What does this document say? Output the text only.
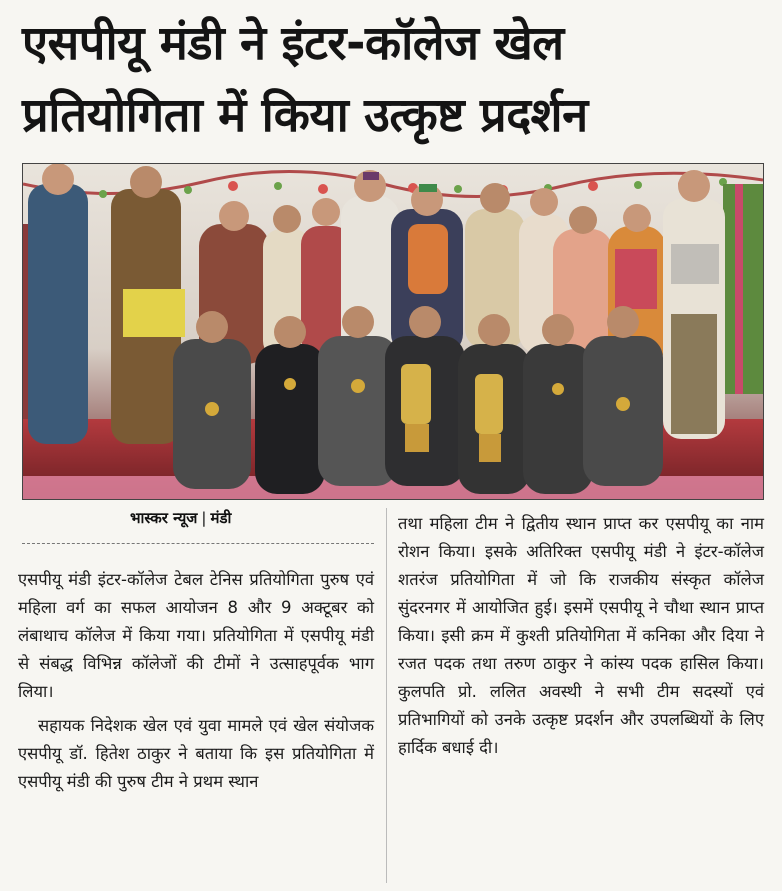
एसपीयू मंडी ने इंटर-कॉलेज खेल
प्रतियोगिता में किया उत्कृष्ट प्रदर्शन
भास्कर न्यूज | मंडी

एसपीयू मंडी इंटर-कॉलेज टेबल टेनिस प्रतियोगिता पुरुष एवं महिला वर्ग का सफल आयोजन 8 और 9 अक्टूबर को लंबाथाच कॉलेज में किया गया। प्रतियोगिता में एसपीयू मंडी से संबद्ध विभिन्न कॉलेजों की टीमों ने उत्साहपूर्वक भाग लिया।

सहायक निदेशक खेल एवं युवा मामले एवं खेल संयोजक एसपीयू डॉ. हितेश ठाकुर ने बताया कि इस प्रतियोगिता में एसपीयू मंडी की पुरुष टीम ने प्रथम स्थान

तथा महिला टीम ने द्वितीय स्थान प्राप्त कर एसपीयू का नाम रोशन किया। इसके अतिरिक्त एसपीयू मंडी ने इंटर-कॉलेज शतरंज प्रतियोगिता में जो कि राजकीय संस्कृत कॉलेज सुंदरनगर में आयोजित हुई। इसमें एसपीयू ने चौथा स्थान प्राप्त किया। इसी क्रम में कुश्ती प्रतियोगिता में कनिका और दिया ने रजत पदक तथा तरुण ठाकुर ने कांस्य पदक हासिल किया। कुलपति प्रो. ललित अवस्थी ने सभी टीम सदस्यों एवं प्रतिभागियों को उनके उत्कृष्ट प्रदर्शन और उपलब्धियों के लिए हार्दिक बधाई दी।
